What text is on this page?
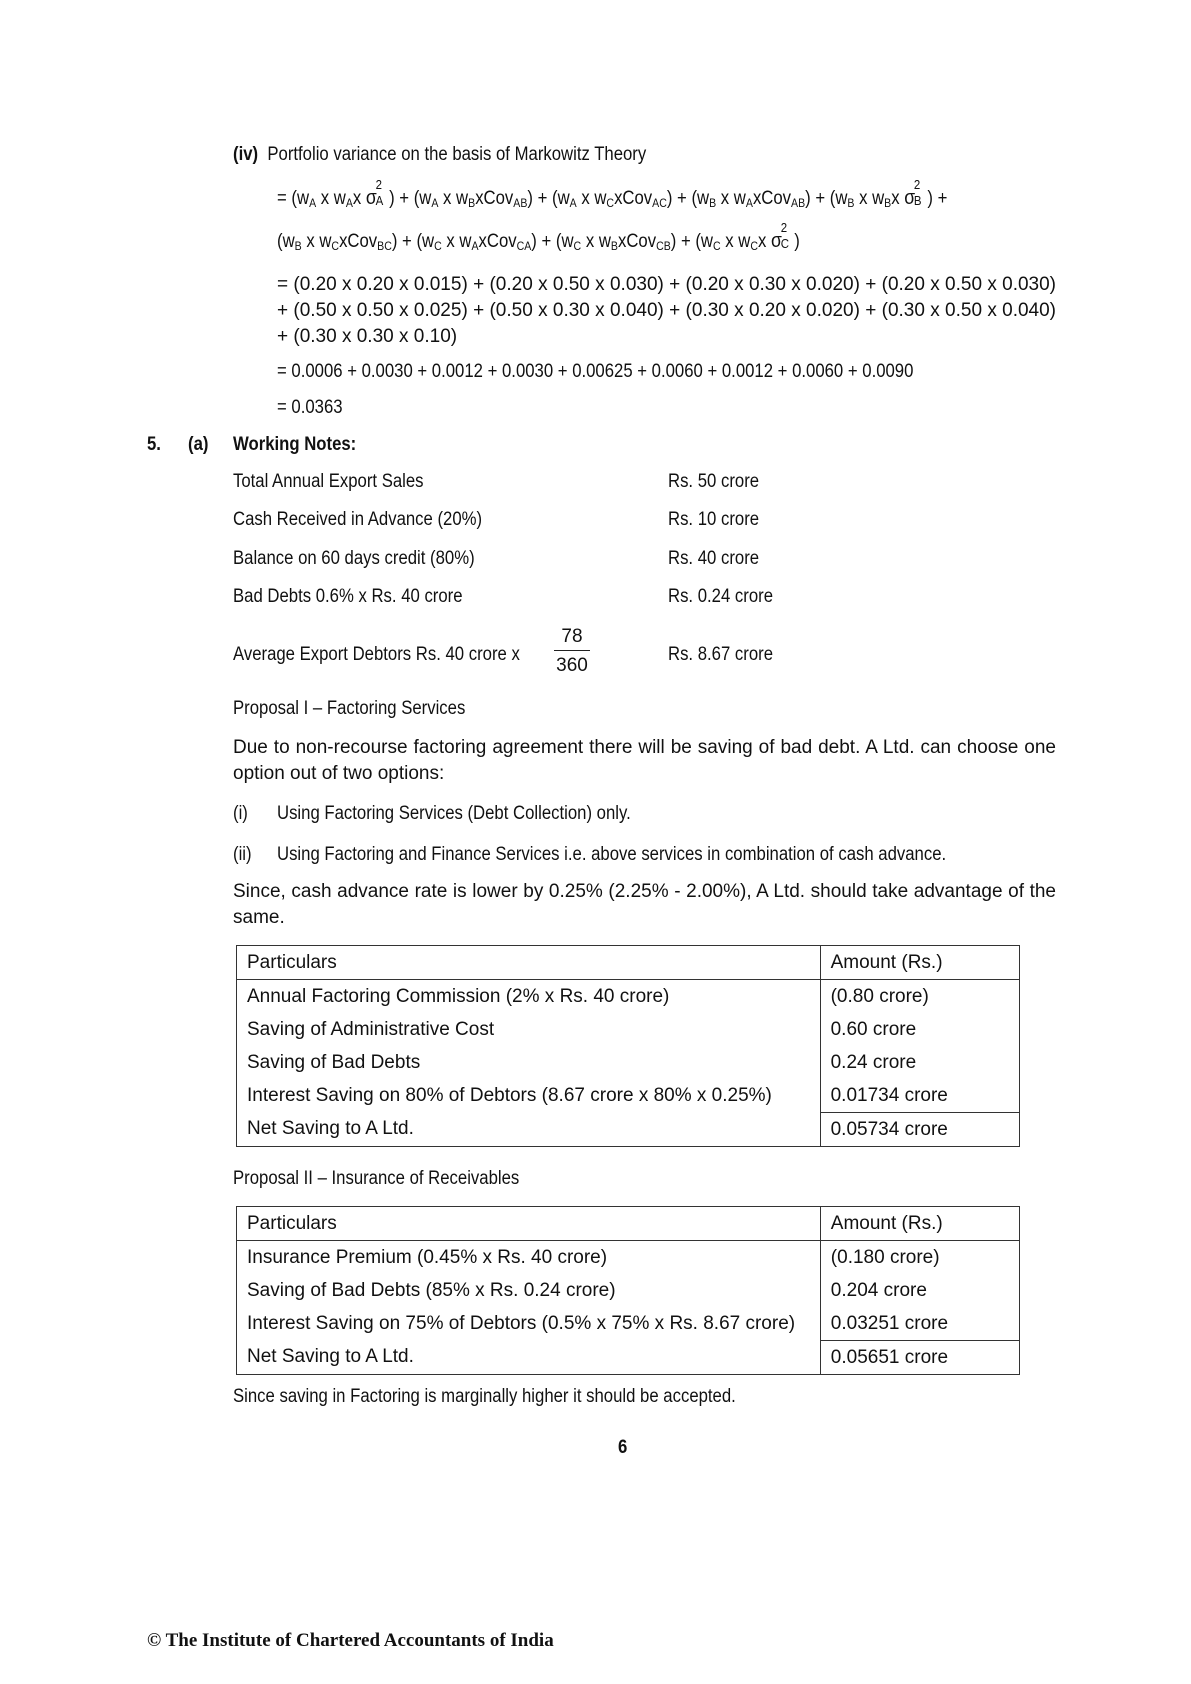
(iv) Portfolio variance on the basis of Markowitz Theory
= ($w_A$ x $w_Ax$ σ
2
A ) + ($w_A$ x $w_BxCov_{AB}) + (w_A$ x $w_CxCov_{AC}) + (w_B$ x $w_AxCov_{AB}) + (w_B$ x $w_Bx$ σ
2
B ) +
($w_B$ x $w_CxCov_{BC}) + (w_C$ x $w_AxCov_{CA}) + (w_C$ x $w_BxCov_{CB}) + (w_C$ x $w_Cx$ σ
2
C )
= (0.20 x 0.20 x 0.015) + (0.20 x 0.50 x 0.030) + (0.20 x 0.30 x 0.020) + (0.20 x 0.50 x 0.030) + (0.50 x 0.50 x 0.025) + (0.50 x 0.30 x 0.040) + (0.30 x 0.20 x 0.020) + (0.30 x 0.50 x 0.040) + (0.30 x 0.30 x 0.10)
= 0.0006 + 0.0030 + 0.0012 + 0.0030 + 0.00625 + 0.0060 + 0.0012 + 0.0060 + 0.0090
= 0.0363
5. (a) Working Notes:
Total Annual Export Sales	Rs. 50 crore
Cash Received in Advance (20%)	Rs. 10 crore
Balance on 60 days credit (80%)	Rs. 40 crore
Bad Debts 0.6% x Rs. 40 crore	Rs. 0.24 crore
Average Export Debtors Rs. 40 crore x	$\frac{78}{360}$	Rs. 8.67 crore
Proposal I – Factoring Services
Due to non-recourse factoring agreement there will be saving of bad debt. A Ltd. can choose one option out of two options:
(i) Using Factoring Services (Debt Collection) only.
(ii) Using Factoring and Finance Services i.e. above services in combination of cash advance.
Since, cash advance rate is lower by 0.25% (2.25% - 2.00%), A Ltd. should take advantage of the same.
Particulars	Amount (Rs.)
Annual Factoring Commission (2% x Rs. 40 crore)	(0.80 crore)
Saving of Administrative Cost	0.60 crore
Saving of Bad Debts	0.24 crore
Interest Saving on 80% of Debtors (8.67 crore x 80% x 0.25%)	0.01734 crore
Net Saving to A Ltd.	0.05734 crore
Proposal II – Insurance of Receivables
Particulars	Amount (Rs.)
Insurance Premium (0.45% x Rs. 40 crore)	(0.180 crore)
Saving of Bad Debts (85% x Rs. 0.24 crore)	0.204 crore
Interest Saving on 75% of Debtors (0.5% x 75% x Rs. 8.67 crore)	0.03251 crore
Net Saving to A Ltd.	0.05651 crore
Since saving in Factoring is marginally higher it should be accepted.
6
© The Institute of Chartered Accountants of India
